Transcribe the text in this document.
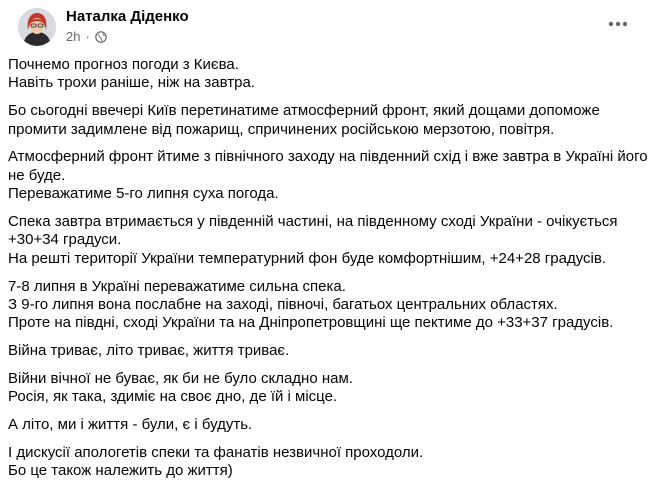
Наталка Діденко
2h ·

Почнемо прогноз погоди з Києва.
Навіть трохи раніше, ніж на завтра.

Бо сьогодні ввечері Київ перетинатиме атмосферний фронт, який дощами допоможе
промити задимлене від пожарищ, спричинених російською мерзотою, повітря.

Атмосферний фронт йтиме з північного заходу на південний схід і вже завтра в Україні його
не буде.
Переважатиме 5-го липня суха погода.

Спека завтра втримається у південній частині, на південному сході України - очікується
+30+34 градуси.
На решті території України температурний фон буде комфортнішим, +24+28 градусів.

7-8 липня в Україні переважатиме сильна спека.
З 9-го липня вона послабне на заході, півночі, багатьох центральних областях.
Проте на півдні, сході України та на Дніпропетровщині ще пектиме до +33+37 градусів.

Війна триває, літо триває, життя триває.

Війни вічної не буває, як би не було складно нам.
Росія, як така, здиміє на своє дно, де їй і місце.

А літо, ми і життя - були, є і будуть.

І дискусії апологетів спеки та фанатів незвичної проходоли.
Бо це також належить до життя)
